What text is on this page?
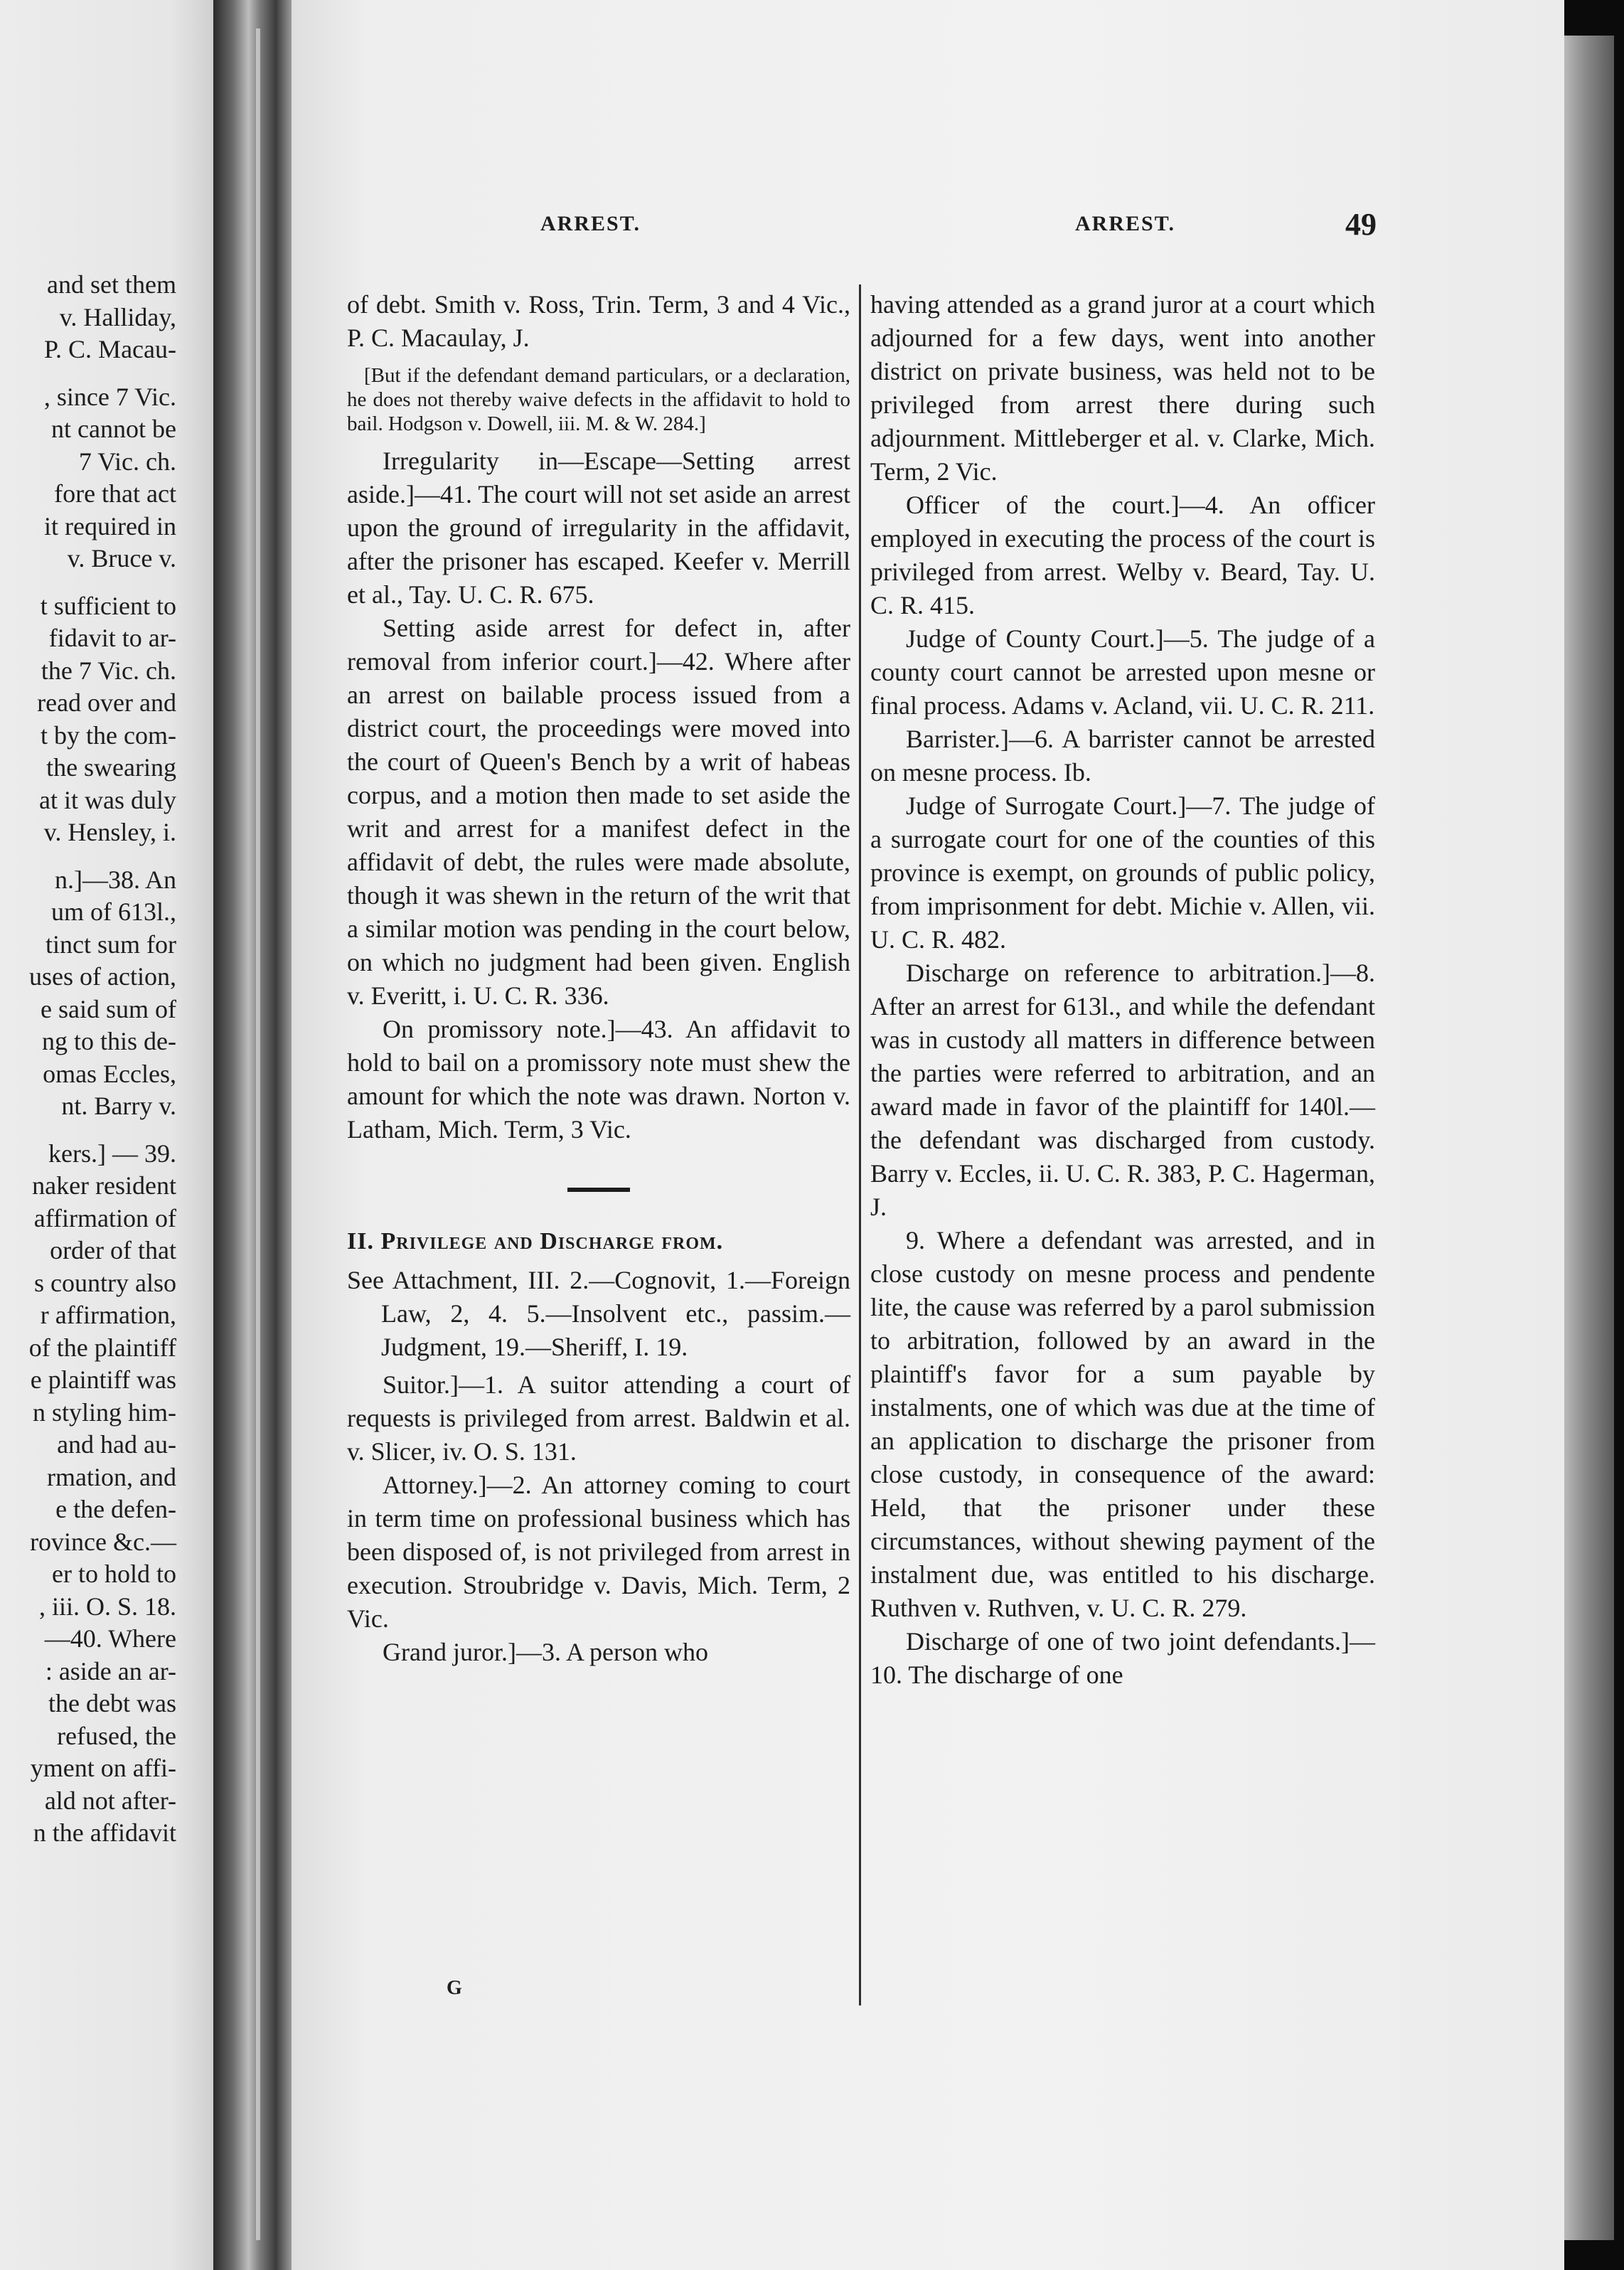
and set them
v. Halliday,
P. C. Macau-
, since 7 Vic.
nt cannot be
7 Vic. ch.
fore that act
it required in
v. Bruce v.
t sufficient to
fidavit to ar-
the 7 Vic. ch.
read over and
t by the com-
the swearing
at it was duly
v. Hensley, i.
n.]—38. An
um of 613l.,
tinct sum for
uses of action,
e said sum of
ng to this de-
omas Eccles,
nt. Barry v.
kers.] — 39.
naker resident
affirmation of
order of that
s country also
r affirmation,
of the plaintiff
e plaintiff was
n styling him-
and had au-
rmation, and
e the defen-
rovince &c.—
er to hold to
, iii. O. S. 18.
—40. Where
: aside an ar-
the debt was
refused, the
yment on affi-
ald not after-
n the affidavit
ARREST.	ARREST.	49

of debt. Smith v. Ross, Trin. Term, 3 and 4 Vic., P. C. Macaulay, J.

[But if the defendant demand particulars, or a declaration, he does not thereby waive defects in the affidavit to hold to bail. Hodgson v. Dowell, iii. M. & W. 284.]

Irregularity in—Escape—Setting arrest aside.]—41. The court will not set aside an arrest upon the ground of irregularity in the affidavit, after the prisoner has escaped. Keefer v. Merrill et al., Tay. U. C. R. 675.

Setting aside arrest for defect in, after removal from inferior court.]—42. Where after an arrest on bailable process issued from a district court, the proceedings were moved into the court of Queen's Bench by a writ of habeas corpus, and a motion then made to set aside the writ and arrest for a manifest defect in the affidavit of debt, the rules were made absolute, though it was shewn in the return of the writ that a similar motion was pending in the court below, on which no judgment had been given. English v. Everitt, i. U. C. R. 336.

On promissory note.]—43. An affidavit to hold to bail on a promissory note must shew the amount for which the note was drawn. Norton v. Latham, Mich. Term, 3 Vic.

II. Privilege and Discharge from.

See Attachment, III. 2.—Cognovit, 1.—Foreign Law, 2, 4. 5.—Insolvent etc., passim.—Judgment, 19.—Sheriff, I. 19.

Suitor.]—1. A suitor attending a court of requests is privileged from arrest. Baldwin et al. v. Slicer, iv. O. S. 131.

Attorney.]—2. An attorney coming to court in term time on professional business which has been disposed of, is not privileged from arrest in execution. Stroubridge v. Davis, Mich. Term, 2 Vic.

Grand juror.]—3. A person who

having attended as a grand juror at a court which adjourned for a few days, went into another district on private business, was held not to be privileged from arrest there during such adjournment. Mittleberger et al. v. Clarke, Mich. Term, 2 Vic.

Officer of the court.]—4. An officer employed in executing the process of the court is privileged from arrest. Welby v. Beard, Tay. U. C. R. 415.

Judge of County Court.]—5. The judge of a county court cannot be arrested upon mesne or final process. Adams v. Acland, vii. U. C. R. 211.

Barrister.]—6. A barrister cannot be arrested on mesne process. Ib.

Judge of Surrogate Court.]—7. The judge of a surrogate court for one of the counties of this province is exempt, on grounds of public policy, from imprisonment for debt. Michie v. Allen, vii. U. C. R. 482.

Discharge on reference to arbitration.]—8. After an arrest for 613l., and while the defendant was in custody all matters in difference between the parties were referred to arbitration, and an award made in favor of the plaintiff for 140l.—the defendant was discharged from custody. Barry v. Eccles, ii. U. C. R. 383, P. C. Hagerman, J.

9. Where a defendant was arrested, and in close custody on mesne process and pendente lite, the cause was referred by a parol submission to arbitration, followed by an award in the plaintiff's favor for a sum payable by instalments, one of which was due at the time of an application to discharge the prisoner from close custody, in consequence of the award: Held, that the prisoner under these circumstances, without shewing payment of the instalment due, was entitled to his discharge. Ruthven v. Ruthven, v. U. C. R. 279.

Discharge of one of two joint defendants.]—10. The discharge of one

G
